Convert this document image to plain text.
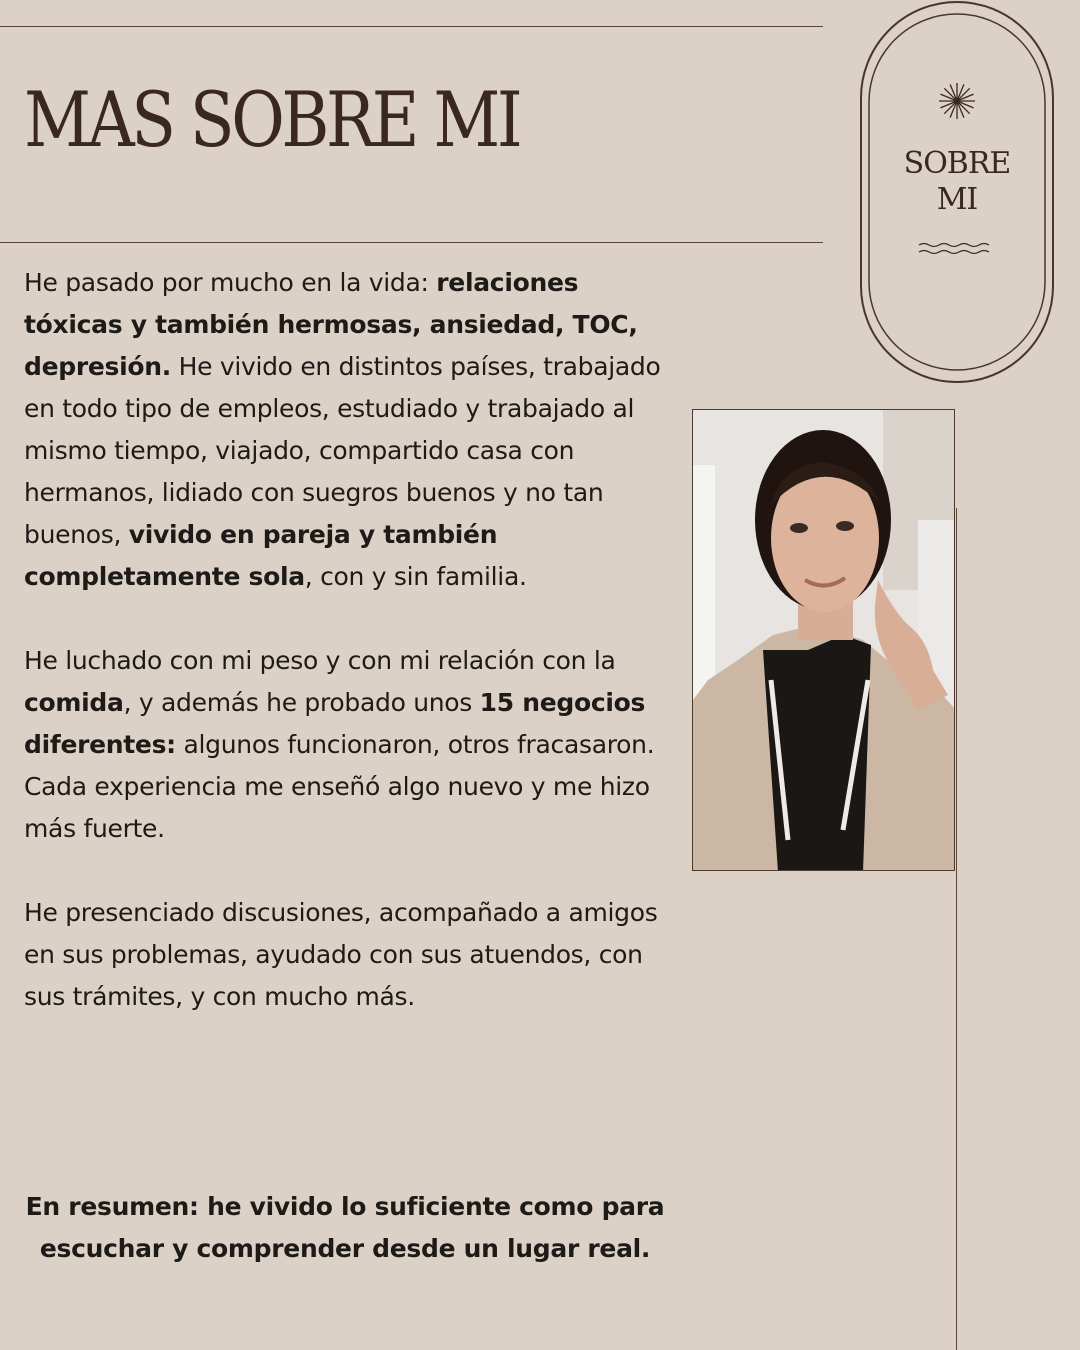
MAS SOBRE MI	SOBRE
MI

He pasado por mucho en la vida: relaciones tóxicas y también hermosas, ansiedad, TOC, depresión. He vivido en distintos países, trabajado en todo tipo de empleos, estudiado y trabajado al mismo tiempo, viajado, compartido casa con hermanos, lidiado con suegros buenos y no tan buenos, vivido en pareja y también completamente sola, con y sin familia.

He luchado con mi peso y con mi relación con la comida, y además he probado unos 15 negocios diferentes: algunos funcionaron, otros fracasaron.

Cada experiencia me enseñó algo nuevo y me hizo más fuerte.

He presenciado discusiones, acompañado a amigos en sus problemas, ayudado con sus atuendos, con sus trámites, y con mucho más.

En resumen: he vivido lo suficiente como para escuchar y comprender desde un lugar real.
